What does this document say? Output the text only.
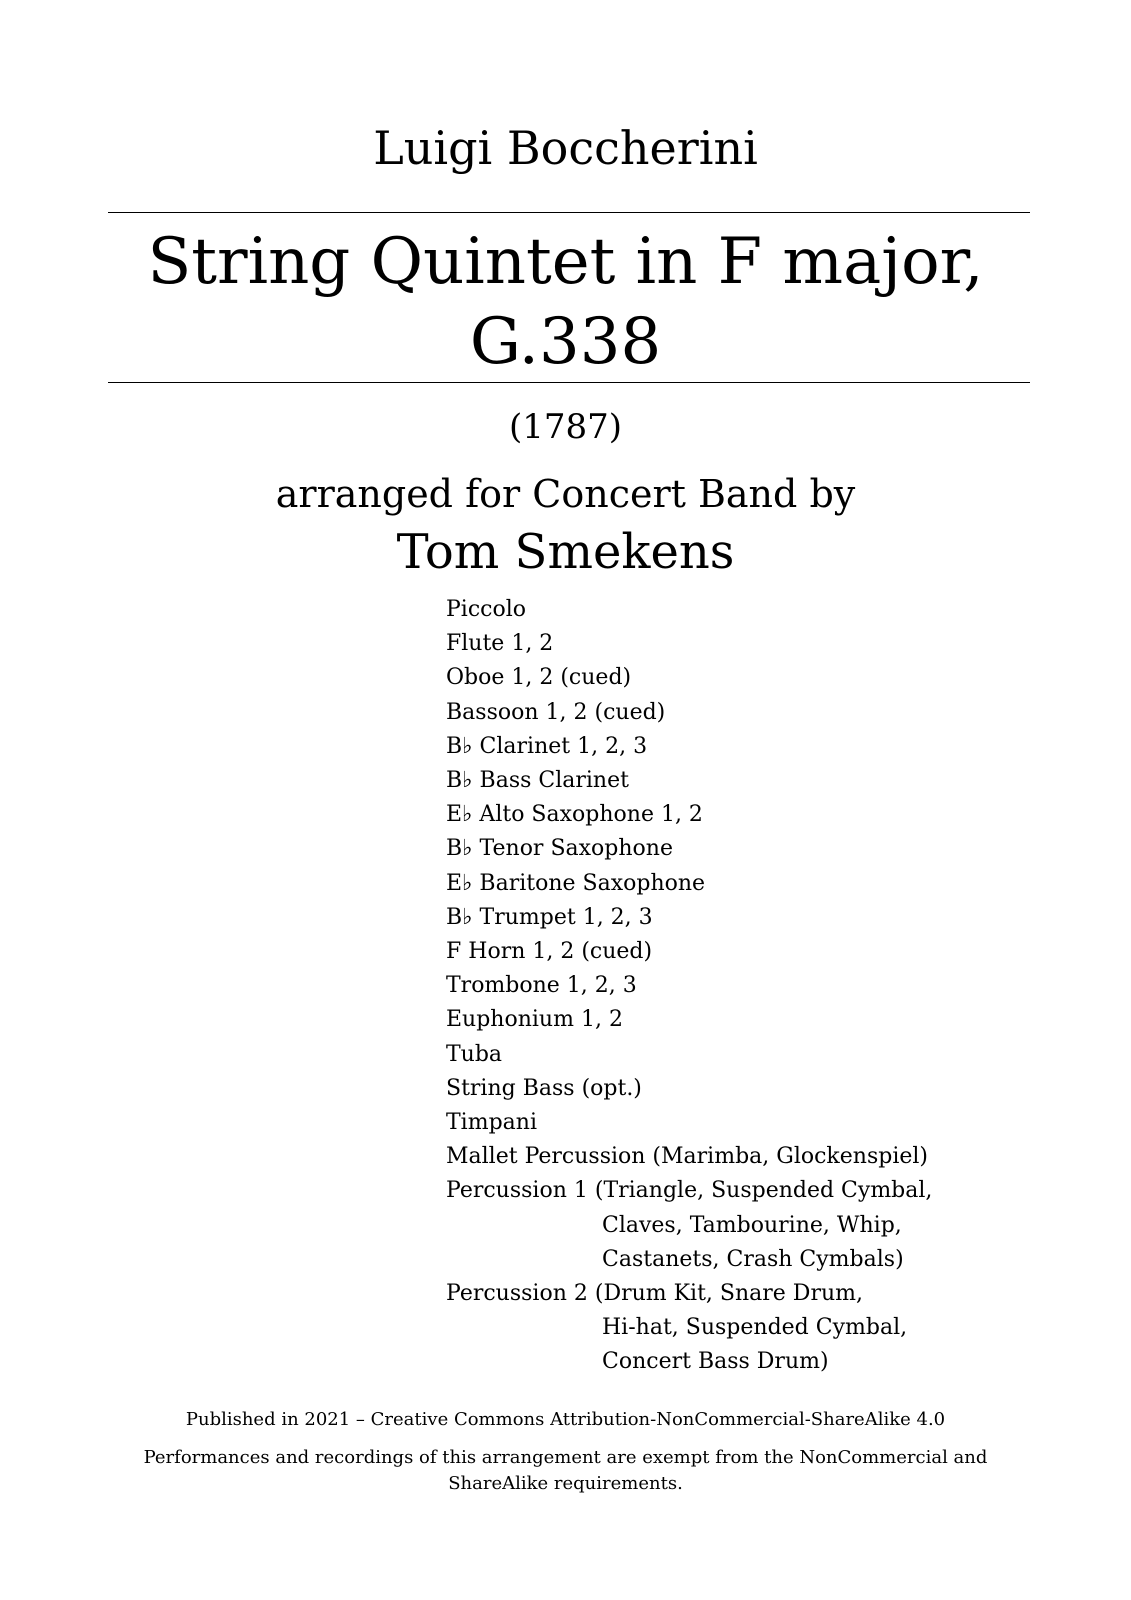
Luigi Boccherini
String Quintet in F major,
G.338
(1787)
arranged for Concert Band by
Tom Smekens
Piccolo
Flute 1, 2
Oboe 1, 2 (cued)
Bassoon 1, 2 (cued)
B♭ Clarinet 1, 2, 3
B♭ Bass Clarinet
E♭ Alto Saxophone 1, 2
B♭ Tenor Saxophone
E♭ Baritone Saxophone
B♭ Trumpet 1, 2, 3
F Horn 1, 2 (cued)
Trombone 1, 2, 3
Euphonium 1, 2
Tuba
String Bass (opt.)
Timpani
Mallet Percussion (Marimba, Glockenspiel)
Percussion 1 (Triangle, Suspended Cymbal,
Claves, Tambourine, Whip,
Castanets, Crash Cymbals)
Percussion 2 (Drum Kit, Snare Drum,
Hi-hat, Suspended Cymbal,
Concert Bass Drum)
Published in 2021 – Creative Commons Attribution-NonCommercial-ShareAlike 4.0
Performances and recordings of this arrangement are exempt from the NonCommercial and ShareAlike requirements.
